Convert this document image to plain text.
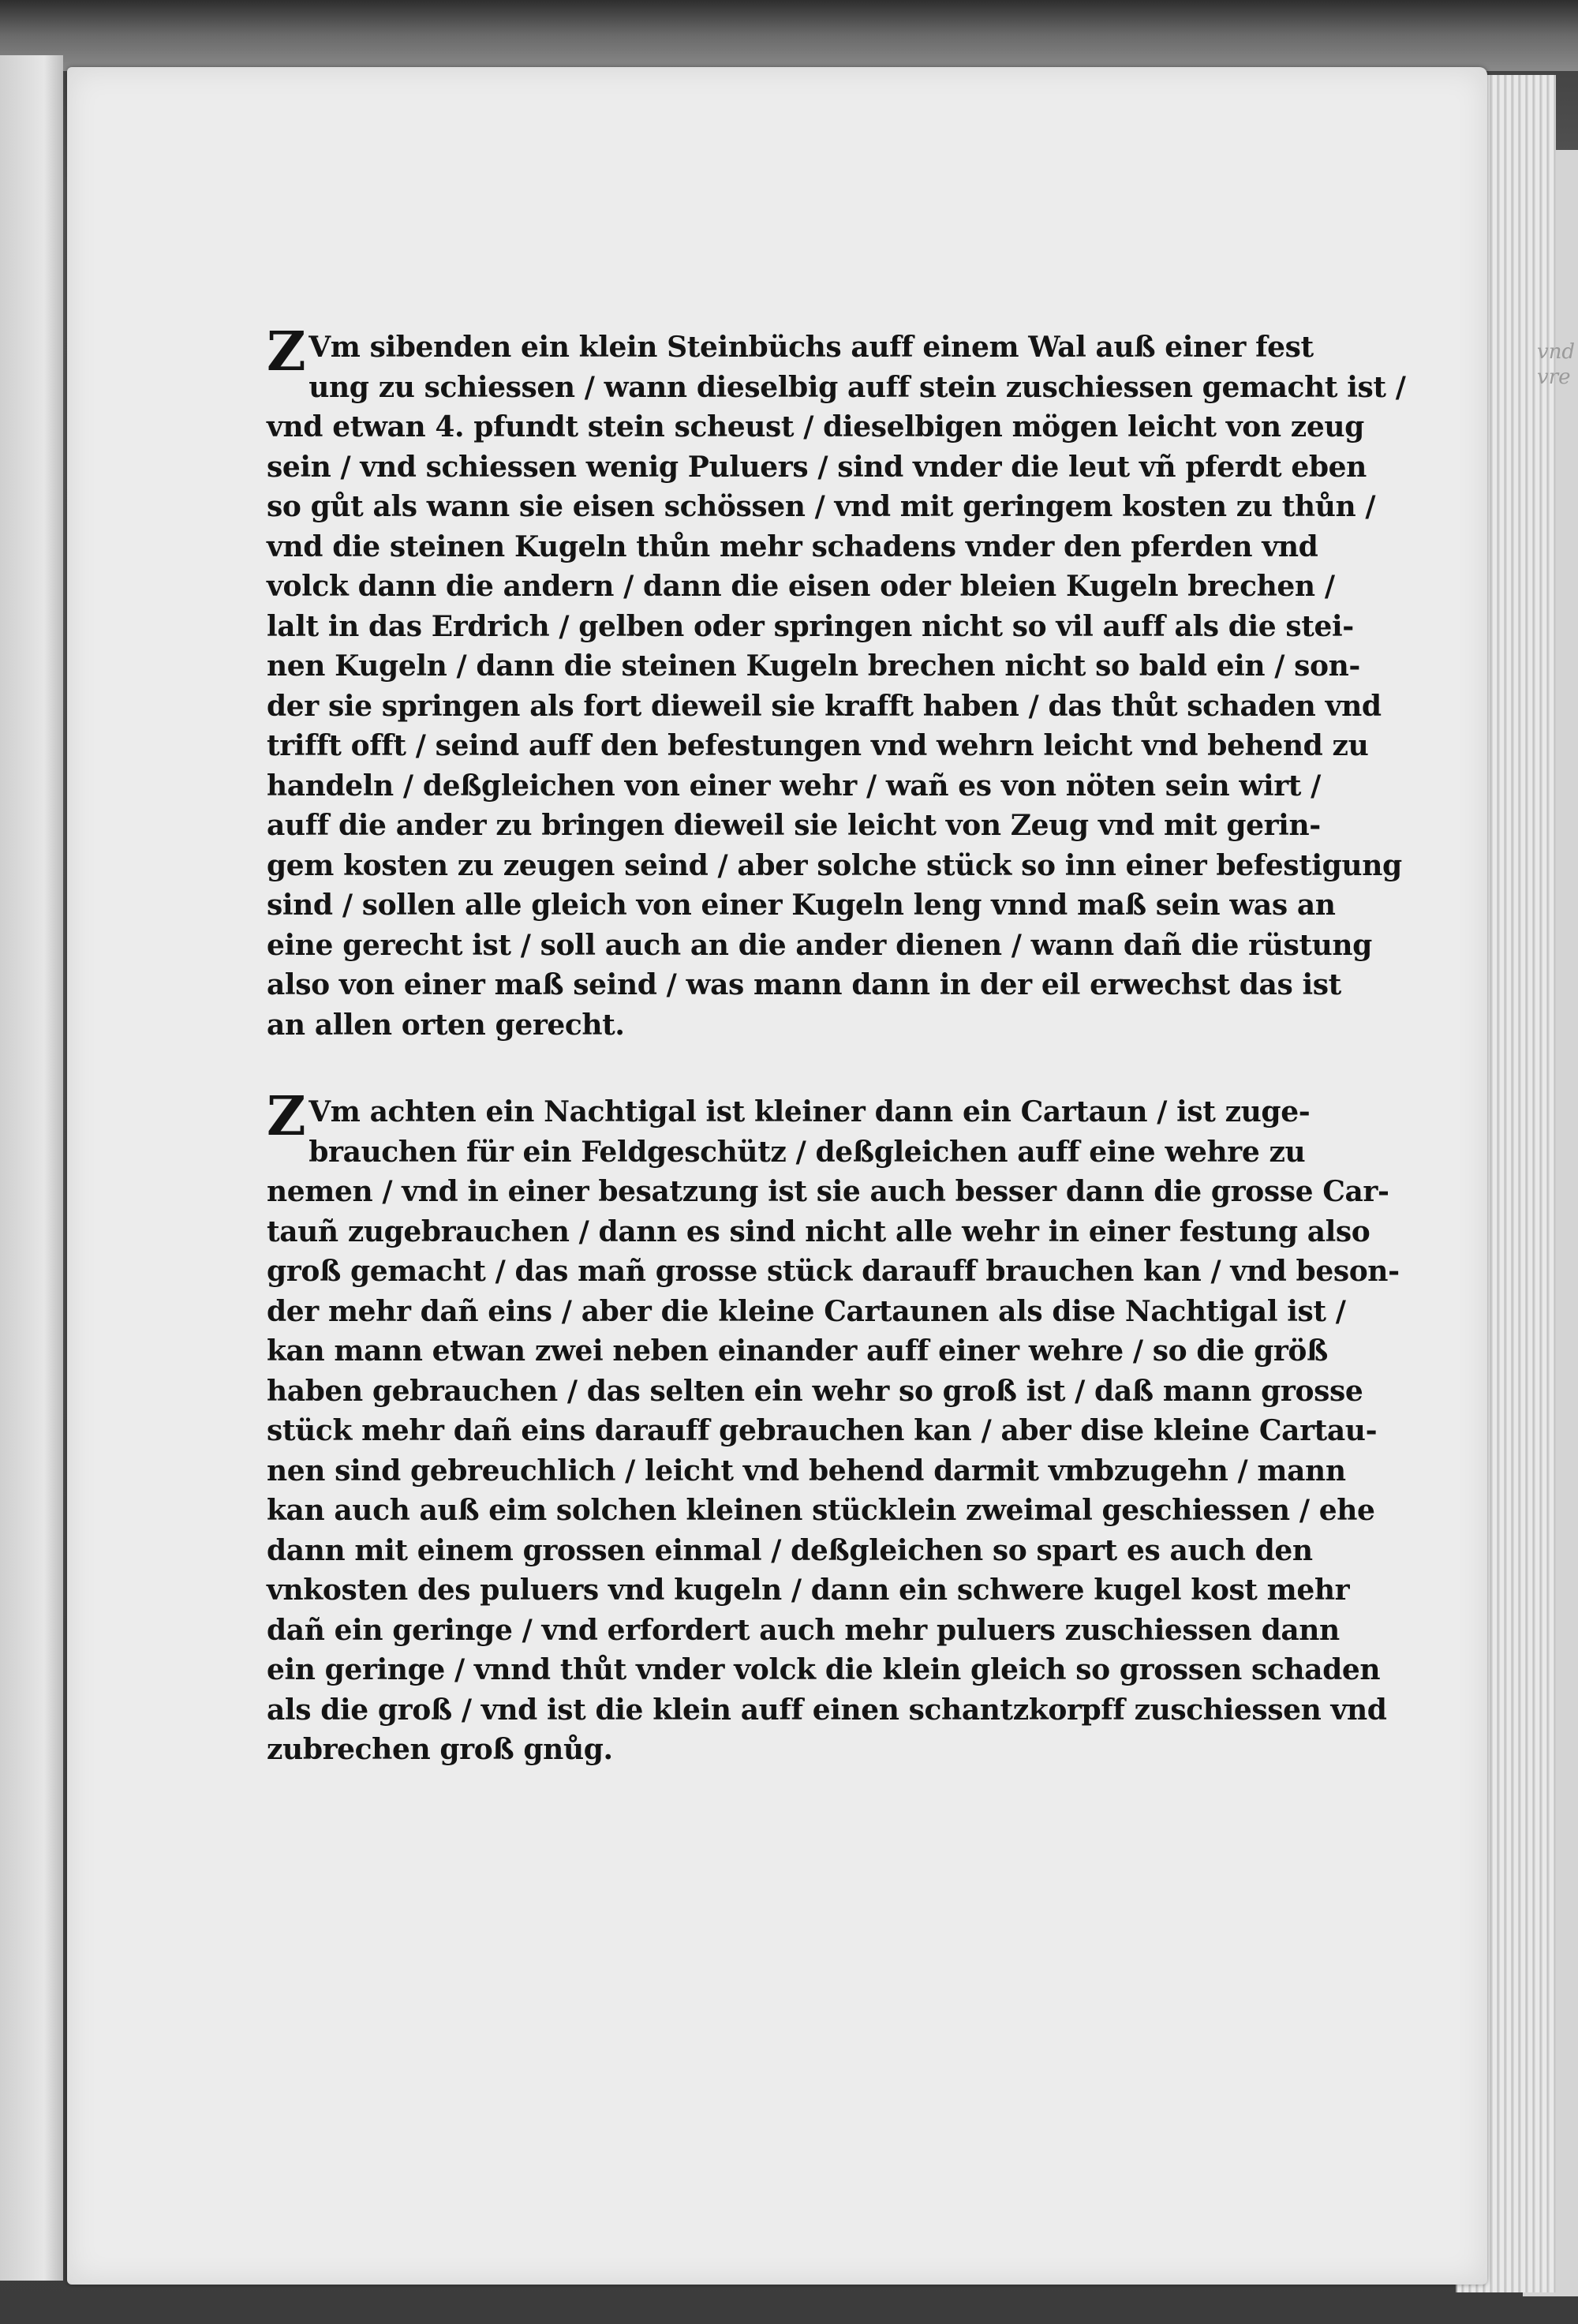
vnd
vre

Z Vm sibenden ein klein Steinbüchs auff einem Wal auß einer fest
ung zu schiessen / wann dieselbig auff stein zuschiessen gemacht ist /
vnd etwan 4. pfundt stein scheust / dieselbigen mögen leicht von zeug
sein / vnd schiessen wenig Puluers / sind vnder die leut vñ pferdt eben
so gůt als wann sie eisen schössen / vnd mit geringem kosten zu thůn /
vnd die steinen Kugeln thůn mehr schadens vnder den pferden vnd
volck dann die andern / dann die eisen oder bleien Kugeln brechen /
lalt in das Erdrich / gelben oder springen nicht so vil auff als die stei-
nen Kugeln / dann die steinen Kugeln brechen nicht so bald ein / son-
der sie springen als fort dieweil sie krafft haben / das thůt schaden vnd
trifft offt / seind auff den befestungen vnd wehrn leicht vnd behend zu
handeln / deßgleichen von einer wehr / wañ es von nöten sein wirt /
auff die ander zu bringen dieweil sie leicht von Zeug vnd mit gerin-
gem kosten zu zeugen seind / aber solche stück so inn einer befestigung
sind / sollen alle gleich von einer Kugeln leng vnnd maß sein was an
eine gerecht ist / soll auch an die ander dienen / wann dañ die rüstung
also von einer maß seind / was mann dann in der eil erwechst das ist
an allen orten gerecht.

Z Vm achten ein Nachtigal ist kleiner dann ein Cartaun / ist zuge-
brauchen für ein Feldgeschütz / deßgleichen auff eine wehre zu
nemen / vnd in einer besatzung ist sie auch besser dann die grosse Car-
tauñ zugebrauchen / dann es sind nicht alle wehr in einer festung also
groß gemacht / das mañ grosse stück darauff brauchen kan / vnd beson-
der mehr dañ eins / aber die kleine Cartaunen als dise Nachtigal ist /
kan mann etwan zwei neben einander auff einer wehre / so die größ
haben gebrauchen / das selten ein wehr so groß ist / daß mann grosse
stück mehr dañ eins darauff gebrauchen kan / aber dise kleine Cartau-
nen sind gebreuchlich / leicht vnd behend darmit vmbzugehn / mann
kan auch auß eim solchen kleinen stücklein zweimal geschiessen / ehe
dann mit einem grossen einmal / deßgleichen so spart es auch den
vnkosten des puluers vnd kugeln / dann ein schwere kugel kost mehr
dañ ein geringe / vnd erfordert auch mehr puluers zuschiessen dann
ein geringe / vnnd thůt vnder volck die klein gleich so grossen schaden
als die groß / vnd ist die klein auff einen schantzkorpff zuschiessen vnd
zubrechen groß gnůg.
